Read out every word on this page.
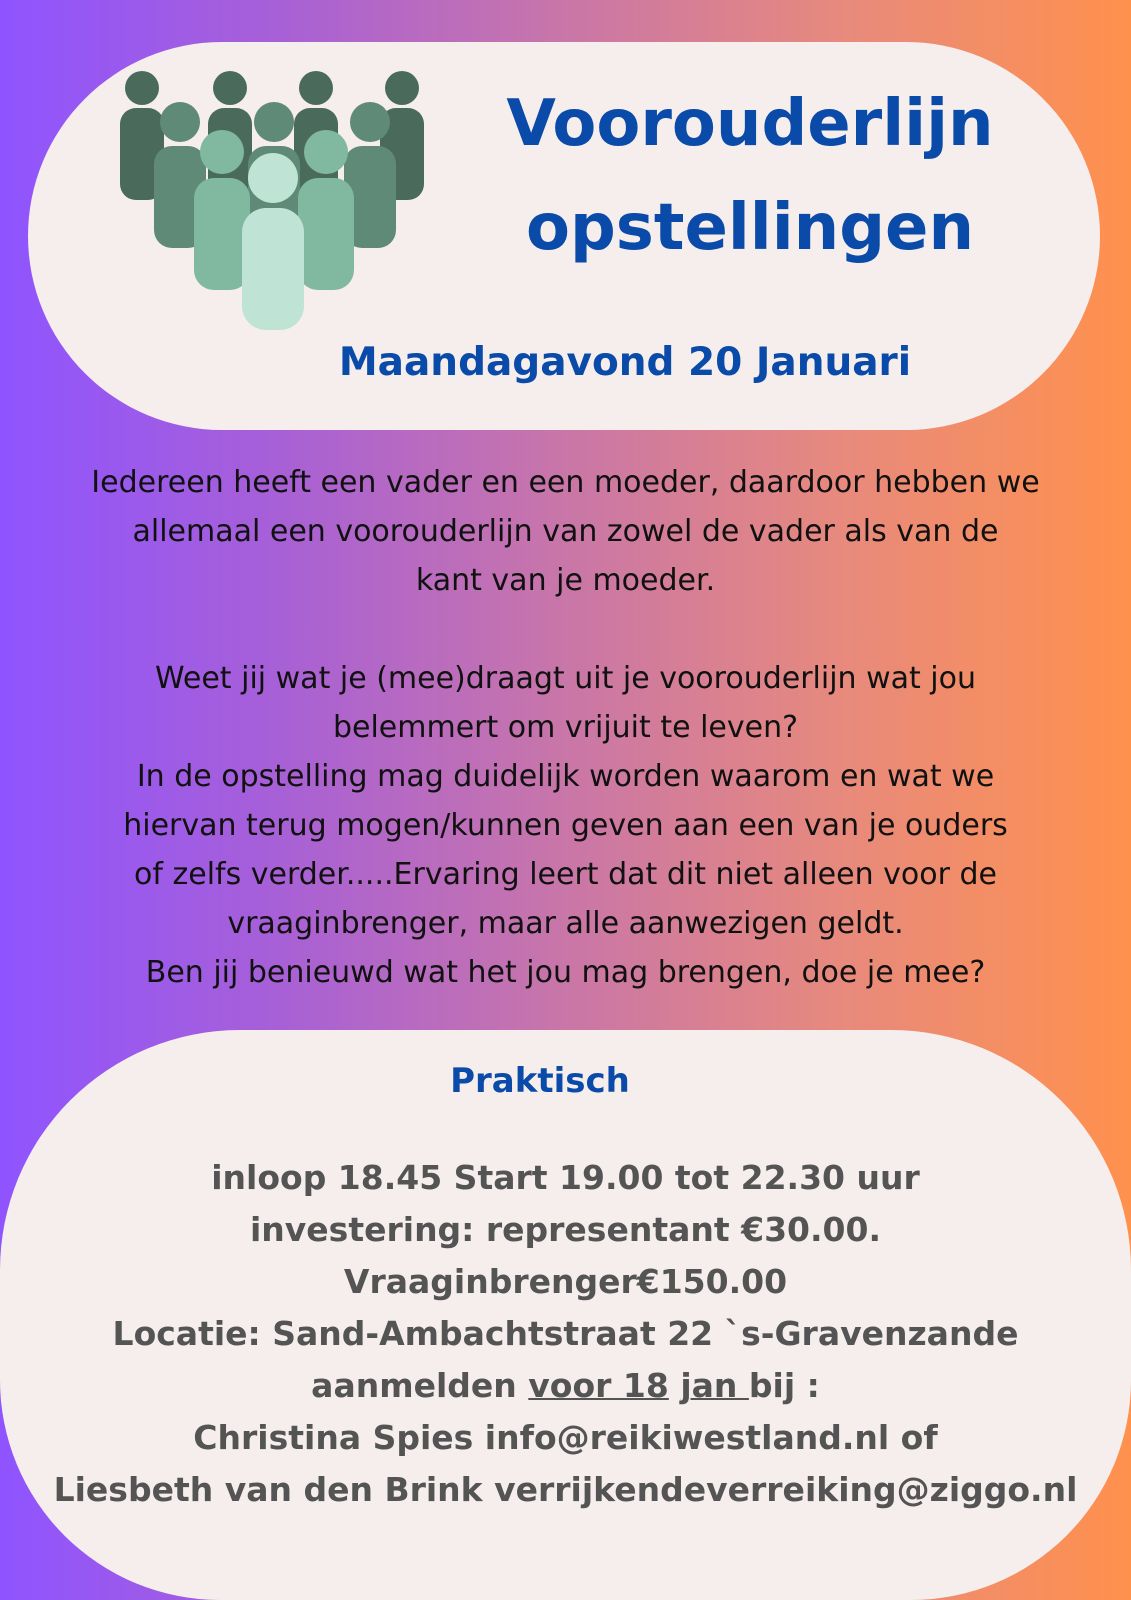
Voorouderlijn
opstellingen
Maandagavond 20 Januari

Iedereen heeft een vader en een moeder, daardoor hebben we

allemaal een voorouderlijn van zowel de vader als van de

kant van je moeder.

Weet jij wat je (mee)draagt uit je voorouderlijn wat jou

belemmert om vrijuit te leven?

In de opstelling mag duidelijk worden waarom en wat we

hiervan terug mogen/kunnen geven aan een van je ouders

of zelfs verder.....Ervaring leert dat dit niet alleen voor de

vraaginbrenger, maar alle aanwezigen geldt.

Ben jij benieuwd wat het jou mag brengen, doe je mee?

Praktisch

inloop 18.45 Start 19.00 tot 22.30 uur

investering: representant €30.00.

Vraaginbrenger€150.00

Locatie: Sand-Ambachtstraat 22 `s-Gravenzande

aanmelden voor 18 jan bij :

Christina Spies info@reikiwestland.nl of

Liesbeth van den Brink verrijkendeverreiking@ziggo.nl
